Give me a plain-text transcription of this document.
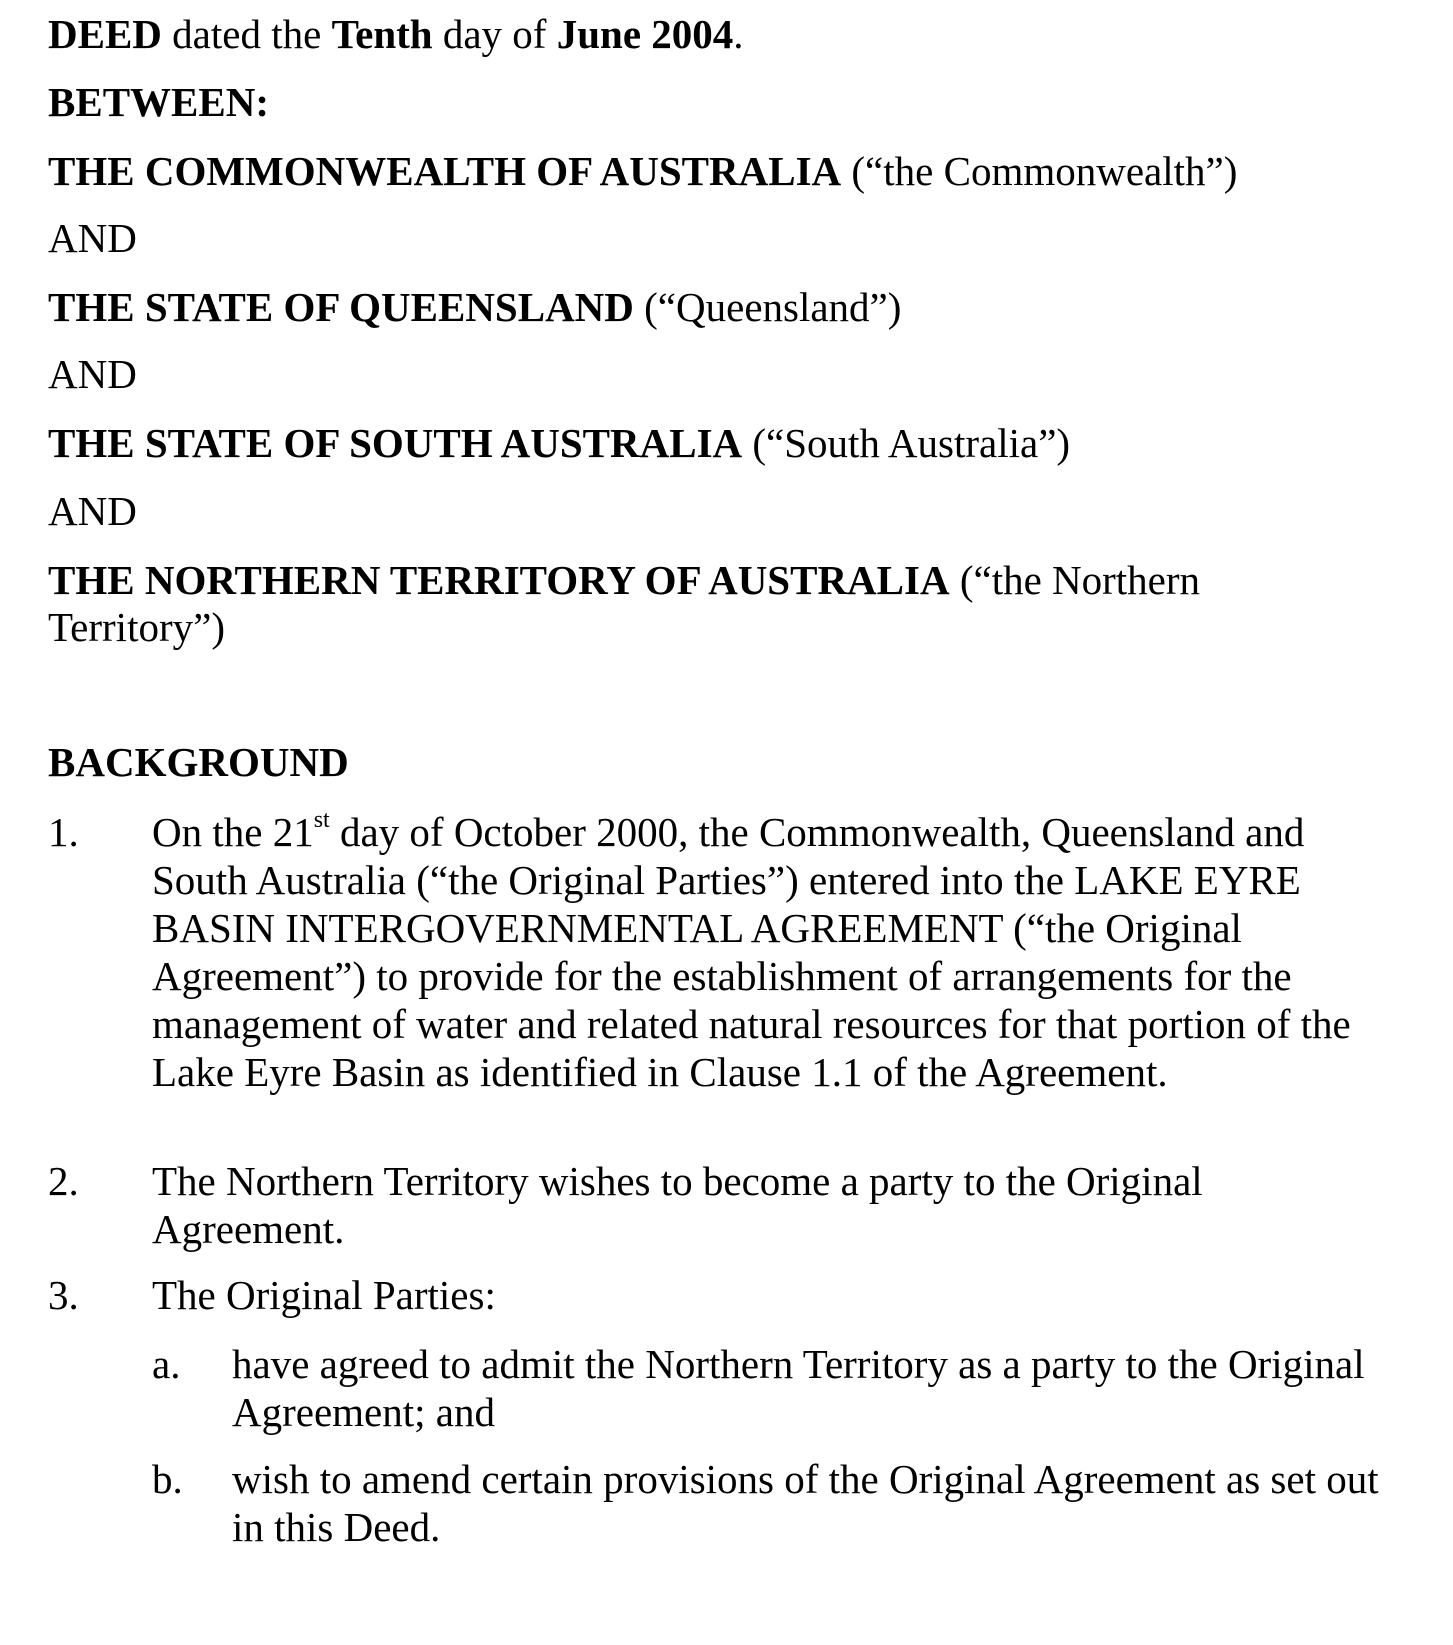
DEED dated the Tenth day of June 2004.
BETWEEN:
THE COMMONWEALTH OF AUSTRALIA (“the Commonwealth”)
AND
THE STATE OF QUEENSLAND (“Queensland”)
AND
THE STATE OF SOUTH AUSTRALIA (“South Australia”)
AND
THE NORTHERN TERRITORY OF AUSTRALIA (“the Northern
Territory”)
BACKGROUND
1. On the 21st day of October 2000, the Commonwealth, Queensland and South Australia (“the Original Parties”) entered into the LAKE EYRE BASIN INTERGOVERNMENTAL AGREEMENT (“the Original Agreement”) to provide for the establishment of arrangements for the management of water and related natural resources for that portion of the Lake Eyre Basin as identified in Clause 1.1 of the Agreement.
2. The Northern Territory wishes to become a party to the Original Agreement.
3. The Original Parties:
a. have agreed to admit the Northern Territory as a party to the Original Agreement; and
b. wish to amend certain provisions of the Original Agreement as set out in this Deed.
